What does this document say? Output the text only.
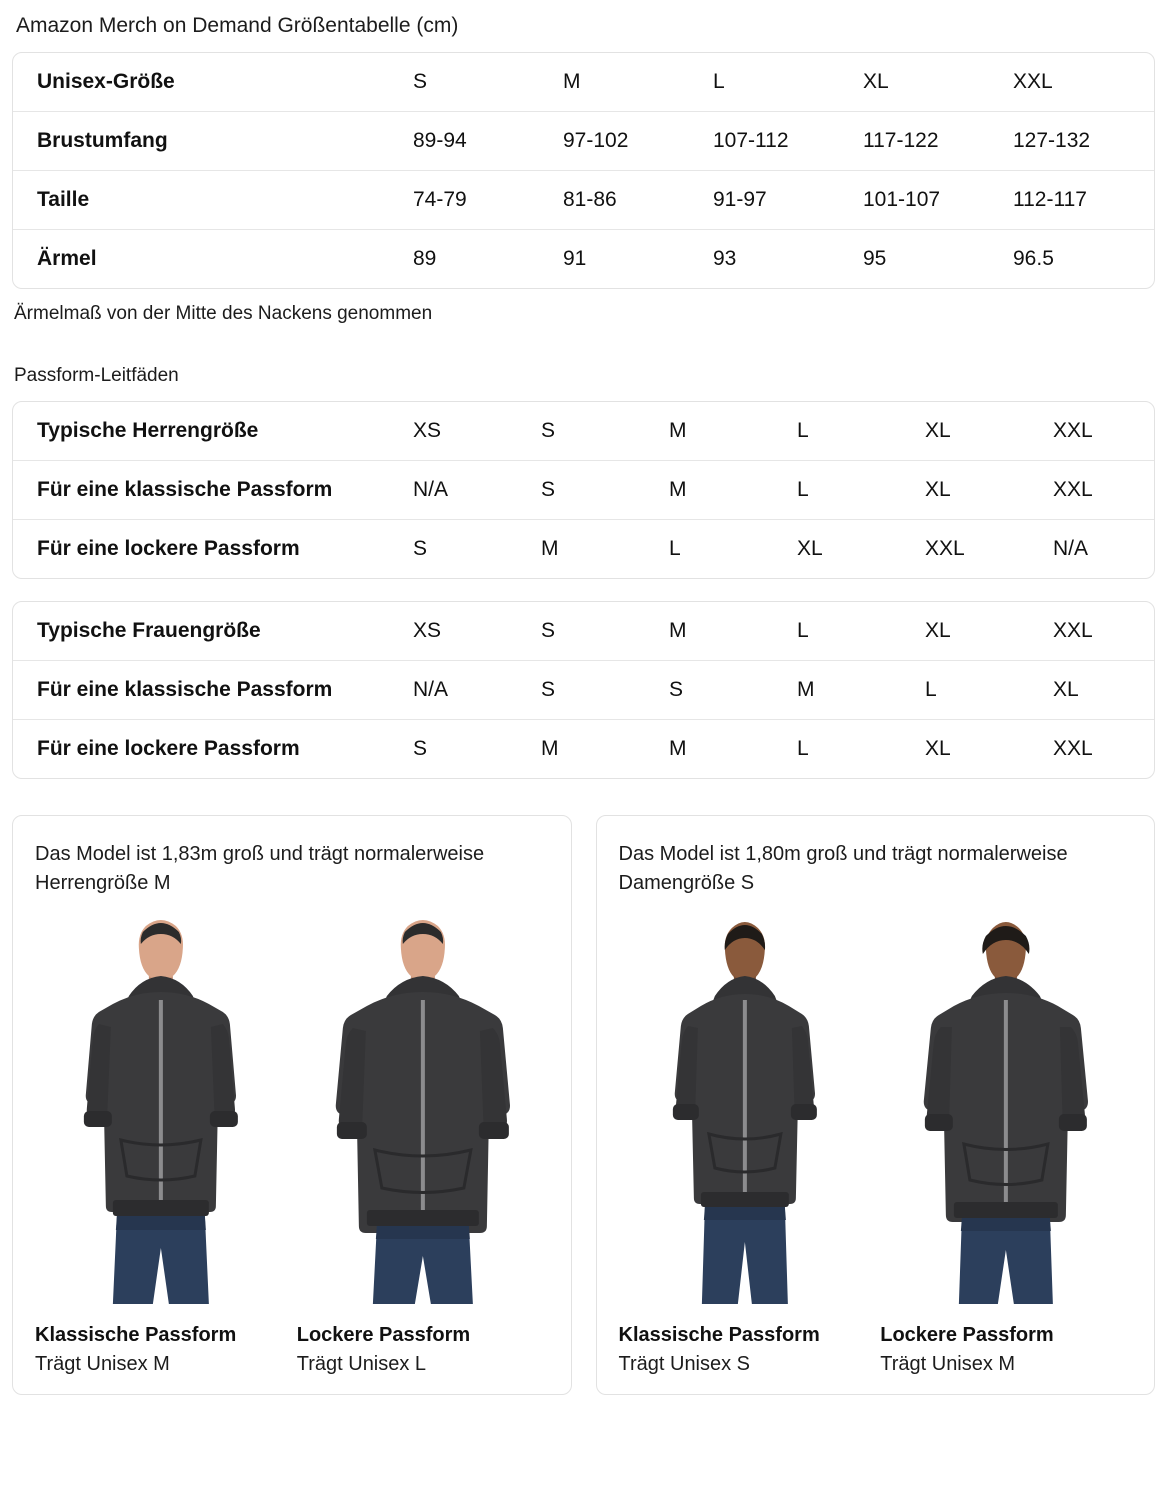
Amazon Merch on Demand Größentabelle (cm)
Unisex-Größe	S	M	L	XL	XXL
Brustumfang	89-94	97-102	107-112	117-122	127-132
Taille	74-79	81-86	91-97	101-107	112-117
Ärmel	89	91	93	95	96.5

Ärmelmaß von der Mitte des Nackens genommen

Passform-Leitfäden

Typische Herrengröße	XS	S	M	L	XL	XXL
Für eine klassische Passform	N/A	S	M	L	XL	XXL
Für eine lockere Passform	S	M	L	XL	XXL	N/A
Typische Frauengröße	XS	S	M	L	XL	XXL
Für eine klassische Passform	N/A	S	S	M	L	XL
Für eine lockere Passform	S	M	M	L	XL	XXL
Das Model ist 1,83m groß und trägt normalerweise Herrengröße M
Klassische Passform
Trägt Unisex M
Lockere Passform
Trägt Unisex L
Das Model ist 1,80m groß und trägt normalerweise Damengröße S
Klassische Passform
Trägt Unisex S
Lockere Passform
Trägt Unisex M
